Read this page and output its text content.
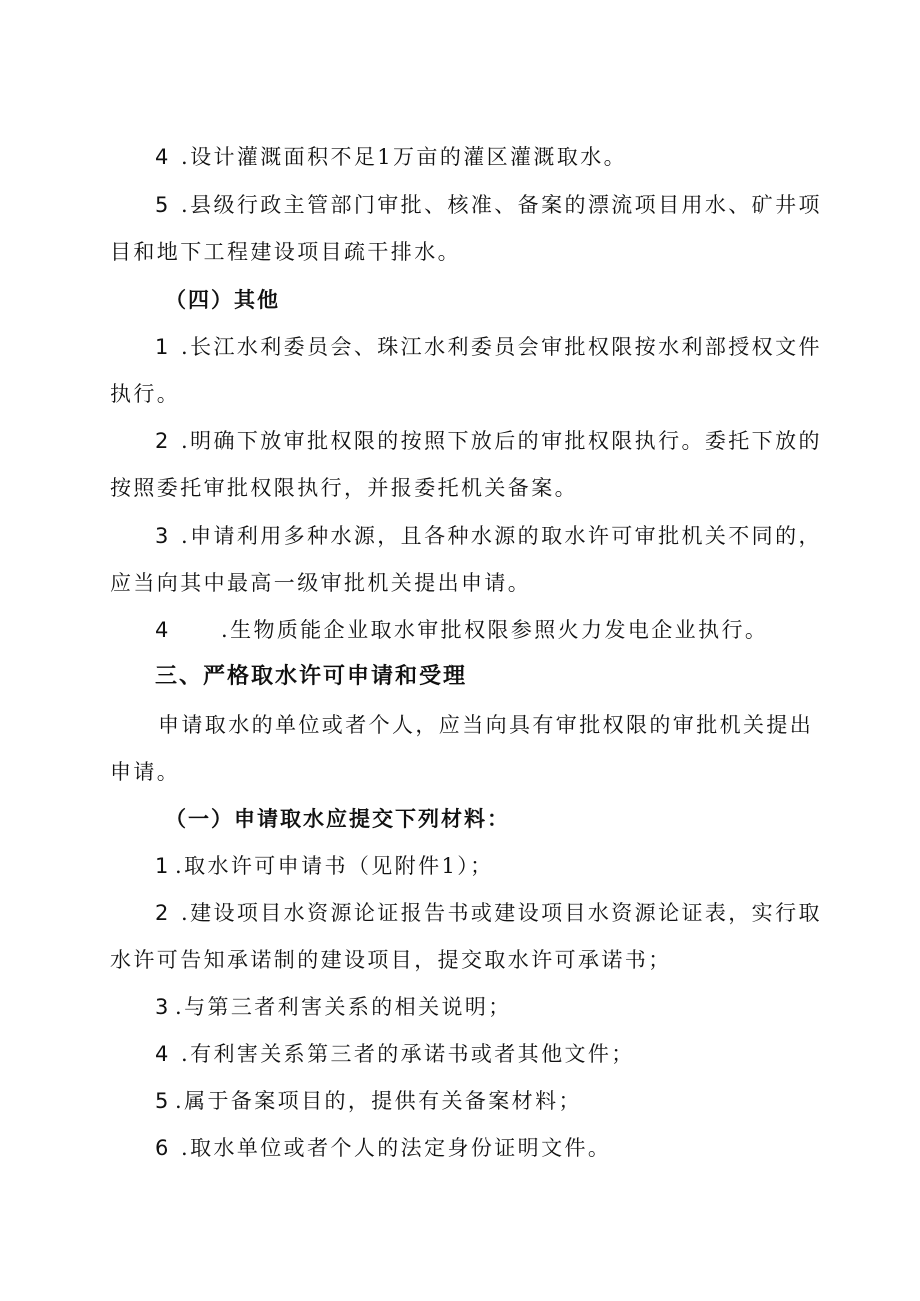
4 .设计灌溉面积不足1万亩的灌区灌溉取水。
5 .县级行政主管部门审批、核准、备案的漂流项目用水、矿井项
目和地下工程建设项目疏干排水。
（四）其他
1 .长江水利委员会、珠江水利委员会审批权限按水利部授权文件
执行。
2 .明确下放审批权限的按照下放后的审批权限执行。委托下放的
按照委托审批权限执行，并报委托机关备案。
3 .申请利用多种水源，且各种水源的取水许可审批机关不同的，
应当向其中最高一级审批机关提出申请。
4	.生物质能企业取水审批权限参照火力发电企业执行。
三、严格取水许可申请和受理
申请取水的单位或者个人，应当向具有审批权限的审批机关提出
申请。
（一）申请取水应提交下列材料：
1 .取水许可申请书（见附件1）；
2 .建设项目水资源论证报告书或建设项目水资源论证表，实行取
水许可告知承诺制的建设项目，提交取水许可承诺书；
3 .与第三者利害关系的相关说明；
4 .有利害关系第三者的承诺书或者其他文件；
5 .属于备案项目的，提供有关备案材料；
6 .取水单位或者个人的法定身份证明文件。
